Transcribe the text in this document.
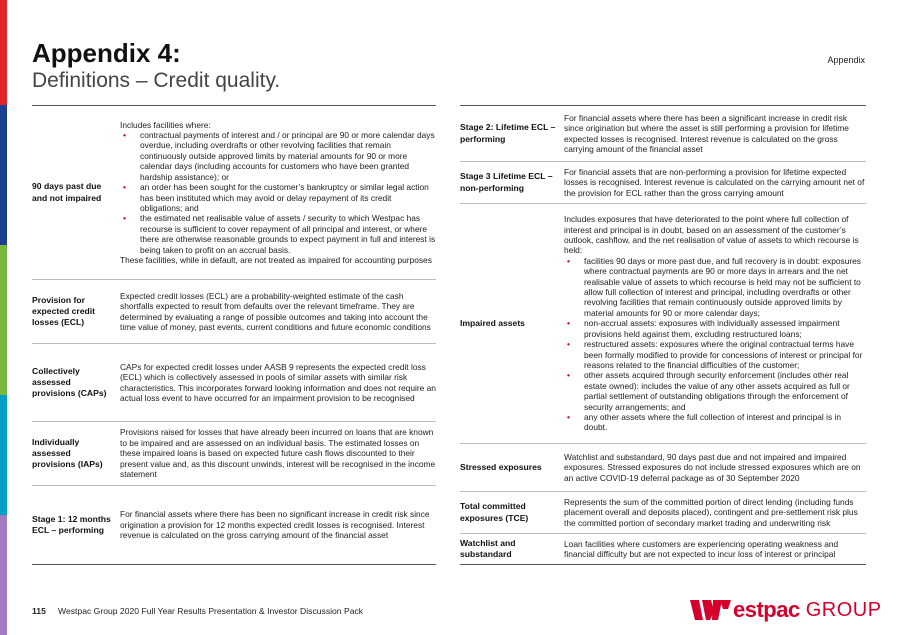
Appendix 4:
Definitions – Credit quality.
Appendix
90 days past due and not impaired

Includes facilities where:

• contractual payments of interest and / or principal are 90 or more calendar days overdue, including overdrafts or other revolving facilities that remain continuously outside approved limits by material amounts for 90 or more calendar days (including accounts for customers who have been granted hardship assistance); or
• an order has been sought for the customer’s bankruptcy or similar legal action has been instituted which may avoid or delay repayment of its credit obligations; and
• the estimated net realisable value of assets / security to which Westpac has recourse is sufficient to cover repayment of all principal and interest, or where there are otherwise reasonable grounds to expect payment in full and interest is being taken to profit on an accrual basis.

These facilities, while in default, are not treated as impaired for accounting purposes

Provision for expected credit losses (ECL)
Expected credit losses (ECL) are a probability-weighted estimate of the cash shortfalls expected to result from defaults over the relevant timeframe. They are determined by evaluating a range of possible outcomes and taking into account the time value of money, past events, current conditions and future economic conditions
Collectively assessed provisions (CAPs)
CAPs for expected credit losses under AASB 9 represents the expected credit loss (ECL) which is collectively assessed in pools of similar assets with similar risk characteristics. This incorporates forward looking information and does not require an actual loss event to have occurred for an impairment provision to be recognised
Individually assessed provisions (IAPs)
Provisions raised for losses that have already been incurred on loans that are known to be impaired and are assessed on an individual basis. The estimated losses on these impaired loans is based on expected future cash flows discounted to their present value and, as this discount unwinds, interest will be recognised in the income statement
Stage 1: 12 months ECL – performing
For financial assets where there has been no significant increase in credit risk since origination a provision for 12 months expected credit losses is recognised. Interest revenue is calculated on the gross carrying amount of the financial asset
Stage 2: Lifetime ECL – performing
For financial assets where there has been a significant increase in credit risk since origination but where the asset is still performing a provision for lifetime expected losses is recognised. Interest revenue is calculated on the gross carrying amount of the financial asset
Stage 3 Lifetime ECL – non-performing
For financial assets that are non-performing a provision for lifetime expected losses is recognised. Interest revenue is calculated on the carrying amount net of the provision for ECL rather than the gross carrying amount
Impaired assets

Includes exposures that have deteriorated to the point where full collection of interest and principal is in doubt, based on an assessment of the customer’s outlook, cashflow, and the net realisation of value of assets to which recourse is held:

• facilities 90 days or more past due, and full recovery is in doubt: exposures where contractual payments are 90 or more days in arrears and the net realisable value of assets to which recourse is held may not be sufficient to allow full collection of interest and principal, including overdrafts or other revolving facilities that remain continuously outside approved limits by material amounts for 90 or more calendar days;
• non-accrual assets: exposures with individually assessed impairment provisions held against them, excluding restructured loans;
• restructured assets: exposures where the original contractual terms have been formally modified to provide for concessions of interest or principal for reasons related to the financial difficulties of the customer;
• other assets acquired through security enforcement (includes other real estate owned): includes the value of any other assets acquired as full or partial settlement of outstanding obligations through the enforcement of security arrangements; and
• any other assets where the full collection of interest and principal is in doubt.
Stressed exposures
Watchlist and substandard, 90 days past due and not impaired and impaired exposures. Stressed exposures do not include stressed exposures which are on an active COVID-19 deferral package as of 30 September 2020
Total committed exposures (TCE)
Represents the sum of the committed portion of direct lending (including funds placement overall and deposits placed), contingent and pre-settlement risk plus the committed portion of secondary market trading and underwriting risk
Watchlist and substandard
Loan facilities where customers are experiencing operating weakness and financial difficulty but are not expected to incur loss of interest or principal
115 Westpac Group 2020 Full Year Results Presentation & Investor Discussion Pack	estpac GROUP
